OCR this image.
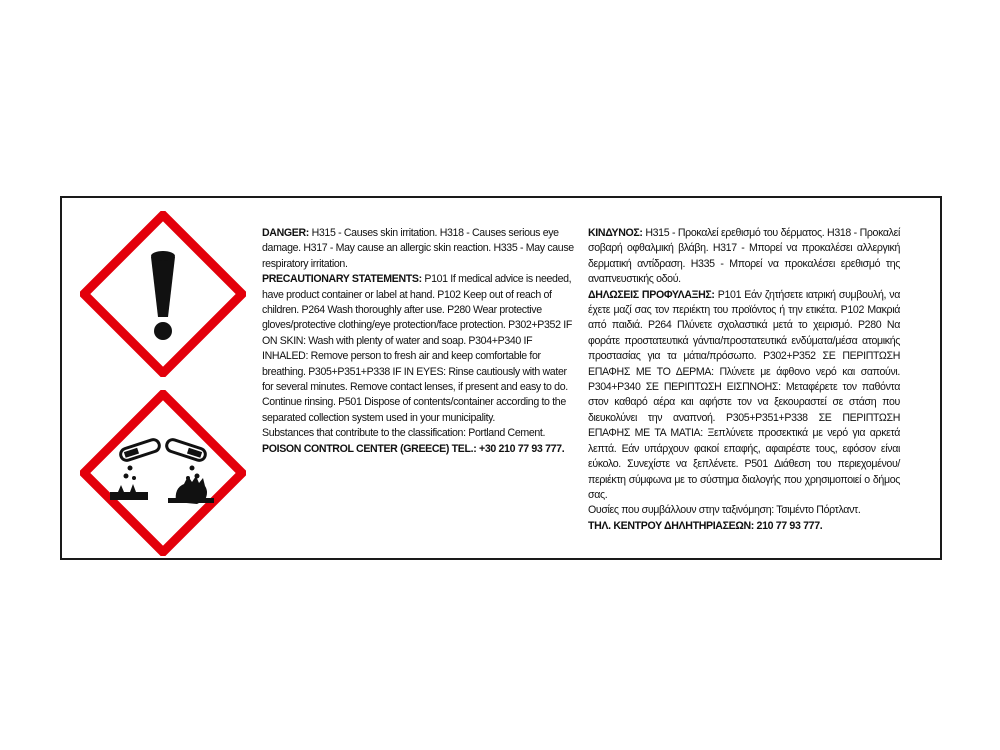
DANGER: H315 - Causes skin irritation. H318 - Causes serious eye damage. H317 - May cause an allergic skin reaction. H335 - May cause respiratory irritation.

PRECAUTIONARY STATEMENTS: P101 If medical advice is needed, have product container or label at hand. P102 Keep out of reach of children. P264 Wash thoroughly after use. P280 Wear protective gloves/protective clothing/eye protection/face protection. P302+P352 IF ON SKIN: Wash with plenty of water and soap. P304+P340 IF INHALED: Remove person to fresh air and keep comfortable for breathing. P305+P351+P338 IF IN EYES: Rinse cautiously with water for several minutes. Remove contact lenses, if present and easy to do. Continue rinsing. P501 Dispose of contents/container according to the separated collection system used in your municipality.

Substances that contribute to the classification: Portland Cement.

POISON CONTROL CENTER (GREECE) TEL.: +30 210 77 93 777.

ΚΙΝΔΥΝΟΣ: H315 - Προκαλεί ερεθισμό του δέρματος. H318 - Προκαλεί σοβαρή οφθαλμική βλάβη. H317 - Μπορεί να προκαλέσει αλλεργική δερματική αντίδραση. H335 - Μπορεί να προκαλέσει ερεθισμό της αναπνευστικής οδού.

ΔΗΛΩΣΕΙΣ ΠΡΟΦΥΛΑΞΗΣ: P101 Εάν ζητήσετε ιατρική συμβουλή, να έχετε μαζί σας τον περιέκτη του προϊόντος ή την ετικέτα. P102 Μακριά από παιδιά. P264 Πλύνετε σχολαστικά μετά το χειρισμό. P280 Να φοράτε προστατευτικά γάντια/προστατευτικά ενδύματα/μέσα ατομικής προστασίας για τα μάτια/πρόσωπο. P302+P352 ΣΕ ΠΕΡΙΠΤΩΣΗ ΕΠΑΦΗΣ ΜΕ ΤΟ ΔΕΡΜΑ: Πλύνετε με άφθονο νερό και σαπούνι. P304+P340 ΣΕ ΠΕΡΙΠΤΩΣΗ ΕΙΣΠΝΟΗΣ: Μεταφέρετε τον παθόντα στον καθαρό αέρα και αφήστε τον να ξεκουραστεί σε στάση που διευκολύνει την αναπνοή. P305+P351+P338 ΣΕ ΠΕΡΙΠΤΩΣΗ ΕΠΑΦΗΣ ΜΕ ΤΑ ΜΑΤΙΑ: Ξεπλύνετε προσεκτικά με νερό για αρκετά λεπτά. Εάν υπάρχουν φακοί επαφής, αφαιρέστε τους, εφόσον είναι εύκολο. Συνεχίστε να ξεπλένετε. P501 Διάθεση του περιεχομένου/περιέκτη σύμφωνα με το σύστημα διαλογής που χρησιμοποιεί ο δήμος σας.

Ουσίες που συμβάλλουν στην ταξινόμηση: Τσιμέντο Πόρτλαντ.

ΤΗΛ. ΚΕΝΤΡΟΥ ΔΗΛΗΤΗΡΙΑΣΕΩΝ: 210 77 93 777.
